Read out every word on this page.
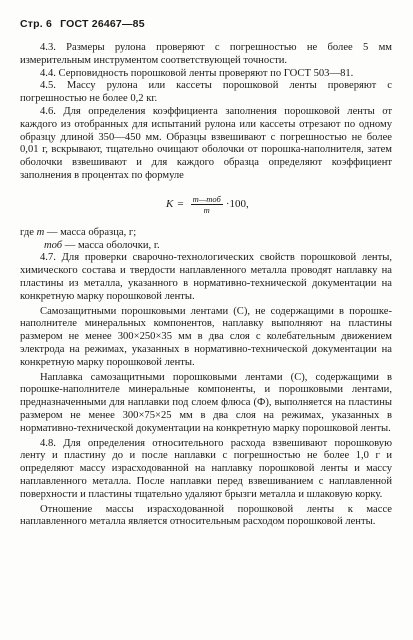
Стр. 6 ГОСТ 26467—85

4.3. Размеры рулона проверяют с погрешностью не более 5 мм измерительным инструментом соответствующей точности.

4.4. Серповидность порошковой ленты проверяют по ГОСТ 503—81.

4.5. Массу рулона или кассеты порошковой ленты проверяют с погрешностью не более 0,2 кг.

4.6. Для определения коэффициента заполнения порошковой ленты от каждого из отобранных для испытаний рулона или кассеты отрезают по одному образцу длиной 350—450 мм. Образцы взвешивают с погрешностью не более 0,01 г, вскрывают, тщательно очищают оболочки от порошка-наполнителя, затем оболочки взвешивают и для каждого образца определяют коэффициент заполнения в процентах по формуле

$K = \frac{\text{m—mоб}}{m} \cdot 100$,
где m — масса образца, г;
mоб — масса оболочки, г.

4.7. Для проверки сварочно-технологических свойств порошковой ленты, химического состава и твердости наплавленного металла проводят наплавку на пластины из металла, указанного в нормативно-технической документации на конкретную марку порошковой ленты.

Самозащитными порошковыми лентами (С), не содержащими в порошке-наполнителе минеральных компонентов, наплавку выполняют на пластины размером не менее 300×250×35 мм в два слоя с колебательным движением электрода на режимах, указанных в нормативно-технической документации на конкретную марку порошковой ленты.

Наплавка самозащитными порошковыми лентами (С), содержащими в порошке-наполнителе минеральные компоненты, и порошковыми лентами, предназначенными для наплавки под слоем флюса (Ф), выполняется на пластины размером не менее 300×75×25 мм в два слоя на режимах, указанных в нормативно-технической документации на конкретную марку порошковой ленты.

4.8. Для определения относительного расхода взвешивают порошковую ленту и пластину до и после наплавки с погрешностью не более 1,0 г и определяют массу израсходованной на наплавку порошковой ленты и массу наплавленного металла. После наплавки перед взвешиванием с наплавленной поверхности и пластины тщательно удаляют брызги металла и шлаковую корку.

Отношение массы израсходованной порошковой ленты к массе наплавленного металла является относительным расходом порошковой ленты.
